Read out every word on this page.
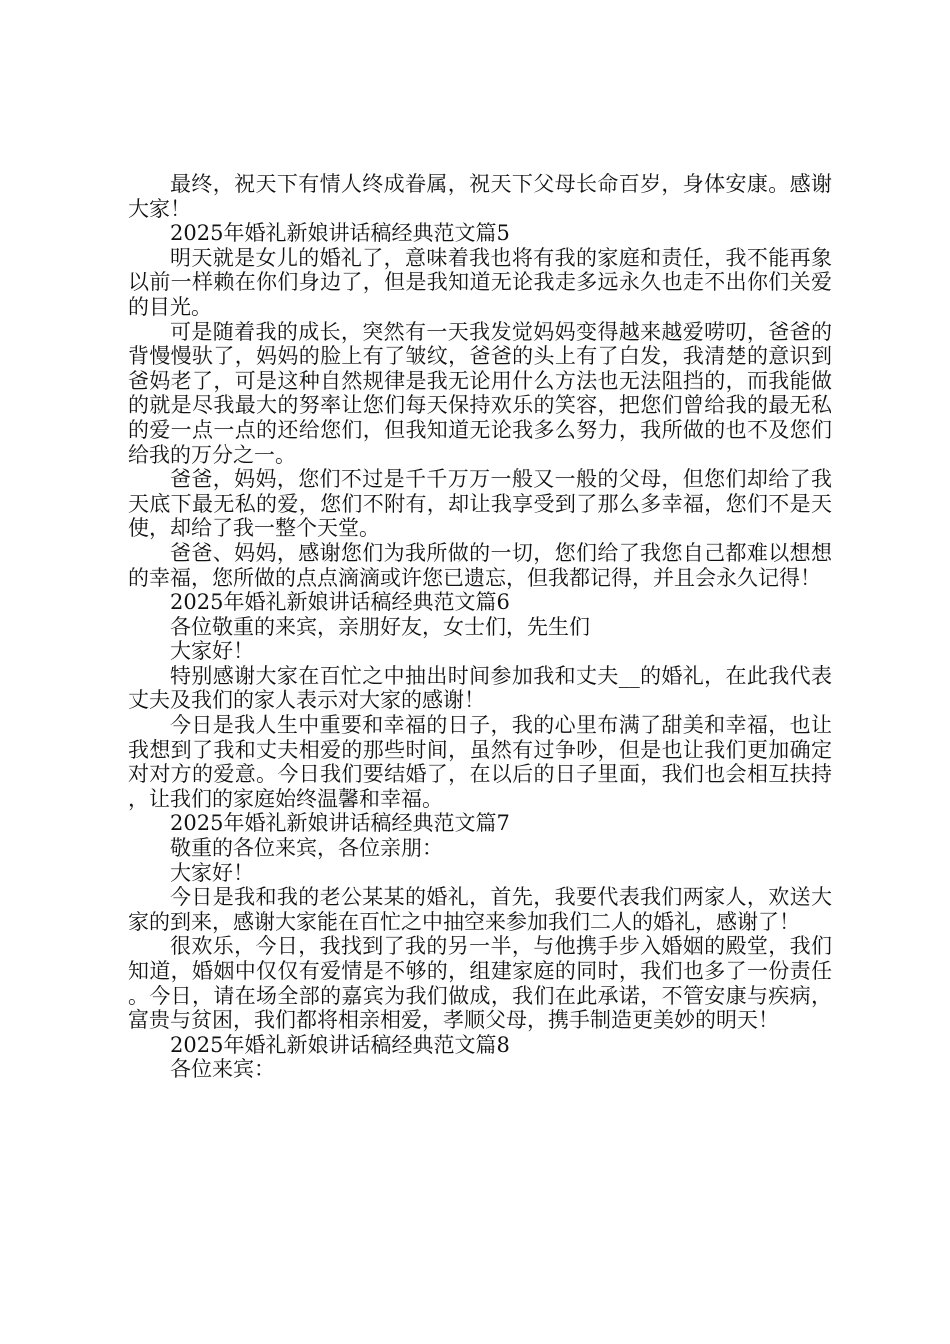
最终，祝天下有情人终成眷属，祝天下父母长命百岁，身体安康。感谢大家！

2025年婚礼新娘讲话稿经典范文篇5

明天就是女儿的婚礼了，意味着我也将有我的家庭和责任，我不能再象以前一样赖在你们身边了，但是我知道无论我走多远永久也走不出你们关爱的目光。

可是随着我的成长，突然有一天我发觉妈妈变得越来越爱唠叨，爸爸的背慢慢驮了，妈妈的脸上有了皱纹，爸爸的头上有了白发，我清楚的意识到爸妈老了，可是这种自然规律是我无论用什么方法也无法阻挡的，而我能做的就是尽我最大的努率让您们每天保持欢乐的笑容，把您们曾给我的最无私的爱一点一点的还给您们，但我知道无论我多么努力，我所做的也不及您们给我的万分之一。

爸爸，妈妈，您们不过是千千万万一般又一般的父母，但您们却给了我天底下最无私的爱，您们不附有，却让我享受到了那么多幸福，您们不是天使，却给了我一整个天堂。

爸爸、妈妈，感谢您们为我所做的一切，您们给了我您自己都难以想想的幸福，您所做的点点滴滴或许您已遗忘，但我都记得，并且会永久记得！

2025年婚礼新娘讲话稿经典范文篇6

各位敬重的来宾，亲朋好友，女士们，先生们

大家好！

特别感谢大家在百忙之中抽出时间参加我和丈夫__的婚礼，在此我代表丈夫及我们的家人表示对大家的感谢！

今日是我人生中重要和幸福的日子，我的心里布满了甜美和幸福，也让我想到了我和丈夫相爱的那些时间，虽然有过争吵，但是也让我们更加确定对对方的爱意。今日我们要结婚了，在以后的日子里面，我们也会相互扶持，让我们的家庭始终温馨和幸福。

2025年婚礼新娘讲话稿经典范文篇7

敬重的各位来宾，各位亲朋：

大家好！

今日是我和我的老公某某的婚礼，首先，我要代表我们两家人，欢送大家的到来，感谢大家能在百忙之中抽空来参加我们二人的婚礼，感谢了！

很欢乐，今日，我找到了我的另一半，与他携手步入婚姻的殿堂，我们知道，婚姻中仅仅有爱情是不够的，组建家庭的同时，我们也多了一份责任。今日，请在场全部的嘉宾为我们做成，我们在此承诺，不管安康与疾病，富贵与贫困，我们都将相亲相爱，孝顺父母，携手制造更美妙的明天！

2025年婚礼新娘讲话稿经典范文篇8

各位来宾：
